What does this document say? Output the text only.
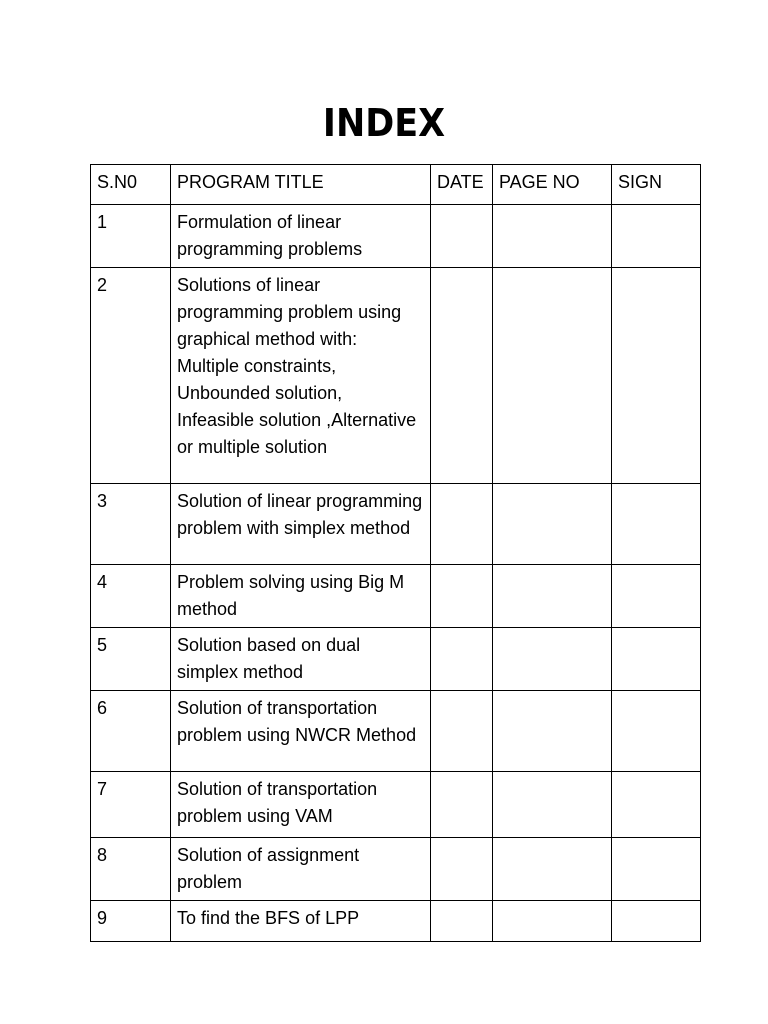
INDEX
S.N0	PROGRAM TITLE	DATE	PAGE NO	SIGN
1	Formulation of linear programming problems			
2	Solutions of linear programming problem using graphical method with: Multiple constraints, Unbounded solution, Infeasible solution ,Alternative or multiple solution			
3	Solution of linear programming problem with simplex method			
4	Problem solving using Big M method			
5	Solution based on dual simplex method			
6	Solution of transportation problem using NWCR Method			
7	Solution of transportation problem using VAM			
8	Solution of assignment problem			
9	To find the BFS of LPP			
